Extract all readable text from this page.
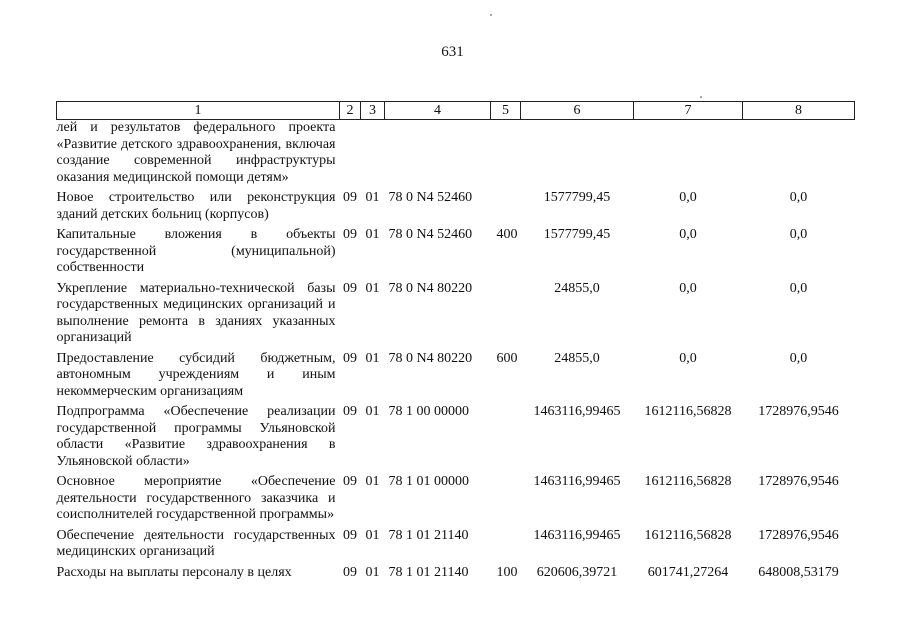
631
1	2	3	4	5	6	7	8
лей и результатов федерального проекта «Развитие детского здравоохранения, включая создание современной инфраструктуры оказания медицинской помощи детям»							
Новое строительство или реконструкция зданий детских больниц (корпусов)	09	01	78 0 N4 52460		1577799,45	0,0	0,0
Капитальные вложения в объекты государственной (муниципальной) собственности	09	01	78 0 N4 52460	400	1577799,45	0,0	0,0
Укрепление материально-технической базы государственных медицинских организаций и выполнение ремонта в зданиях указанных организаций	09	01	78 0 N4 80220		24855,0	0,0	0,0
Предоставление субсидий бюджетным, автономным учреждениям и иным некоммерческим организациям	09	01	78 0 N4 80220	600	24855,0	0,0	0,0
Подпрограмма «Обеспечение реализации государственной программы Ульяновской области «Развитие здравоохранения в Ульяновской области»	09	01	78 1 00 00000		1463116,99465	1612116,56828	1728976,9546
Основное мероприятие «Обеспечение деятельности государственного заказчика и соисполнителей государственной программы»	09	01	78 1 01 00000		1463116,99465	1612116,56828	1728976,9546
Обеспечение деятельности государственных медицинских организаций	09	01	78 1 01 21140		1463116,99465	1612116,56828	1728976,9546
Расходы на выплаты персоналу в целях	09	01	78 1 01 21140	100	620606,39721	601741,27264	648008,53179
